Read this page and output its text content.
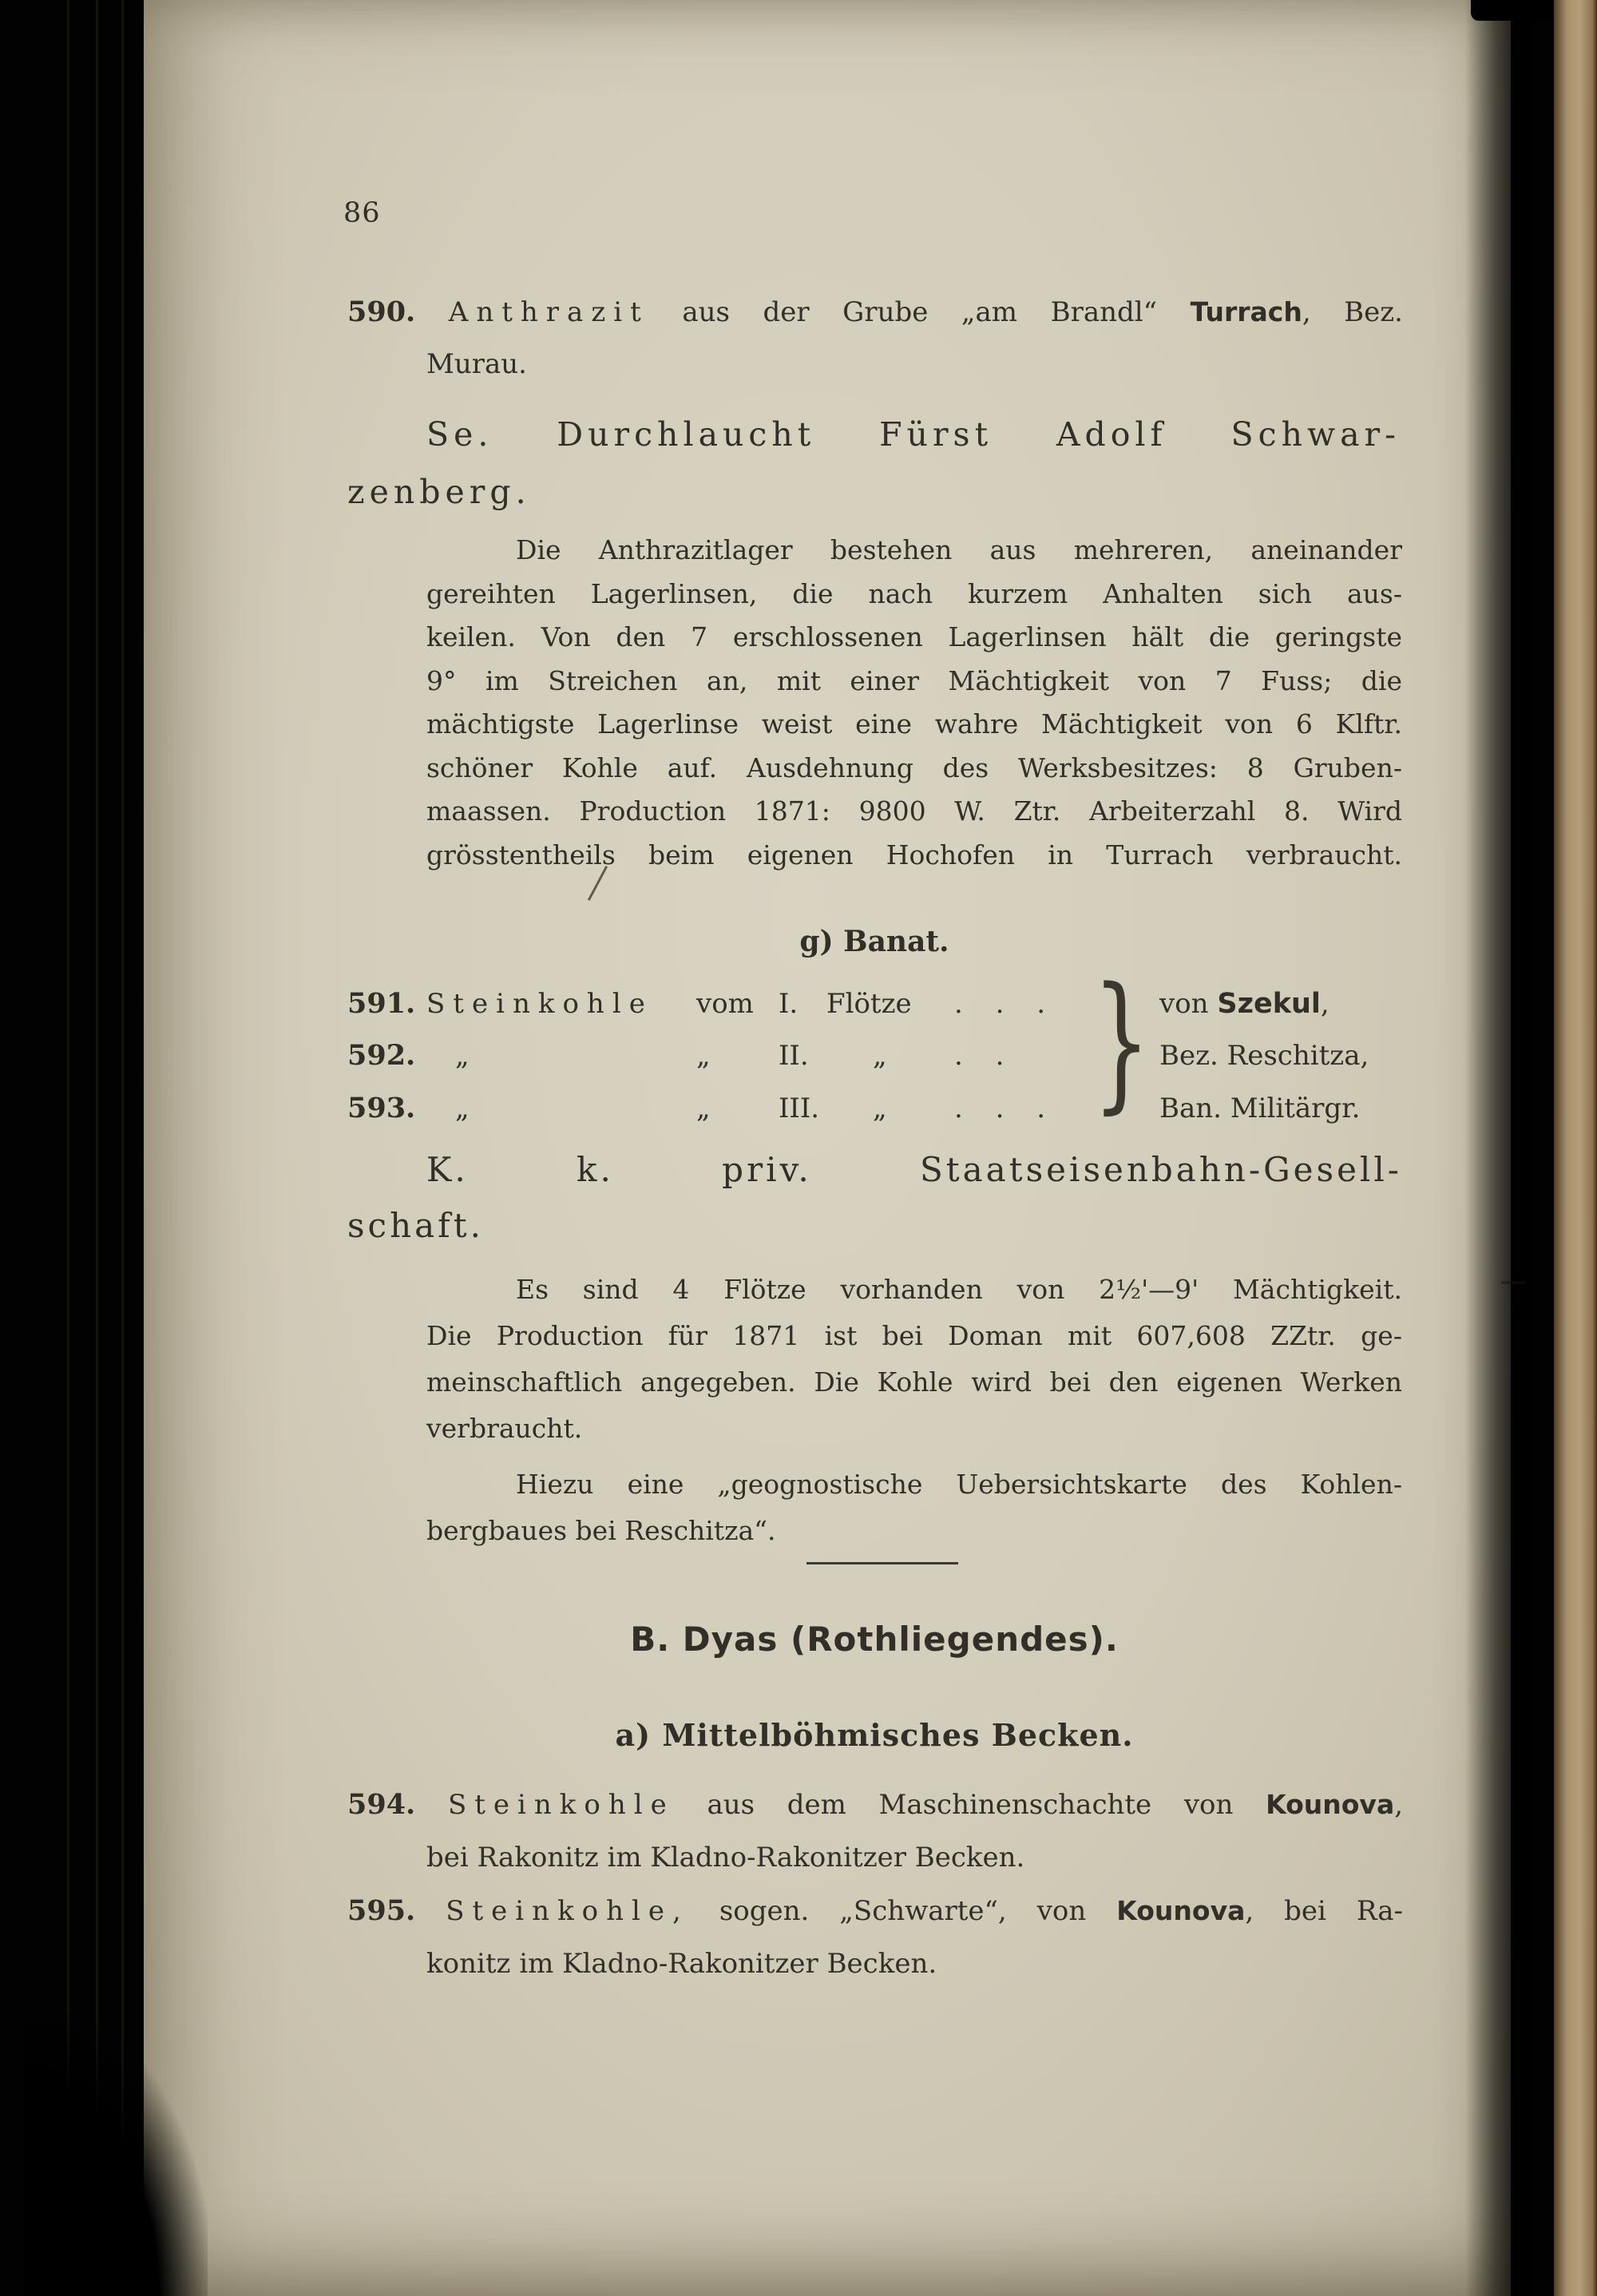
86
590. Anthrazit aus der Grube „am Brandl“ Turrach, Bez.
Murau.
Se. Durchlaucht Fürst Adolf Schwar-
zenberg.
Die Anthrazitlager bestehen aus mehreren, aneinander
gereihten Lagerlinsen, die nach kurzem Anhalten sich aus-
keilen. Von den 7 erschlossenen Lagerlinsen hält die geringste
9° im Streichen an, mit einer Mächtigkeit von 7 Fuss; die
mächtigste Lagerlinse weist eine wahre Mächtigkeit von 6 Klftr.
schöner Kohle auf. Ausdehnung des Werksbesitzes: 8 Gruben-
maassen. Production 1871: 9800 W. Ztr. Arbeiterzahl 8. Wird
grösstentheils beim eigenen Hochofen in Turrach verbraucht.
g) Banat.
591. Steinkohle	vom I.	Flötze	. . .
592.	„	„	II.	„	. .
593.	„	„	III.	„	. . . } von Szekul,
Bez. Reschitza,
Ban. Militärgr.
K. k. priv. Staatseisenbahn-Gesell-
schaft.
Es sind 4 Flötze vorhanden von 2½'—9' Mächtigkeit.
Die Production für 1871 ist bei Doman mit 607,608 ZZtr. ge-
meinschaftlich angegeben. Die Kohle wird bei den eigenen Werken
verbraucht.
Hiezu eine „geognostische Uebersichtskarte des Kohlen-
bergbaues bei Reschitza“.
B. Dyas (Rothliegendes).
a) Mittelböhmisches Becken.
594. Steinkohle aus dem Maschinenschachte von Kounova,
bei Rakonitz im Kladno-Rakonitzer Becken.
595. Steinkohle, sogen. „Schwarte“, von Kounova, bei Ra-
konitz im Kladno-Rakonitzer Becken.
